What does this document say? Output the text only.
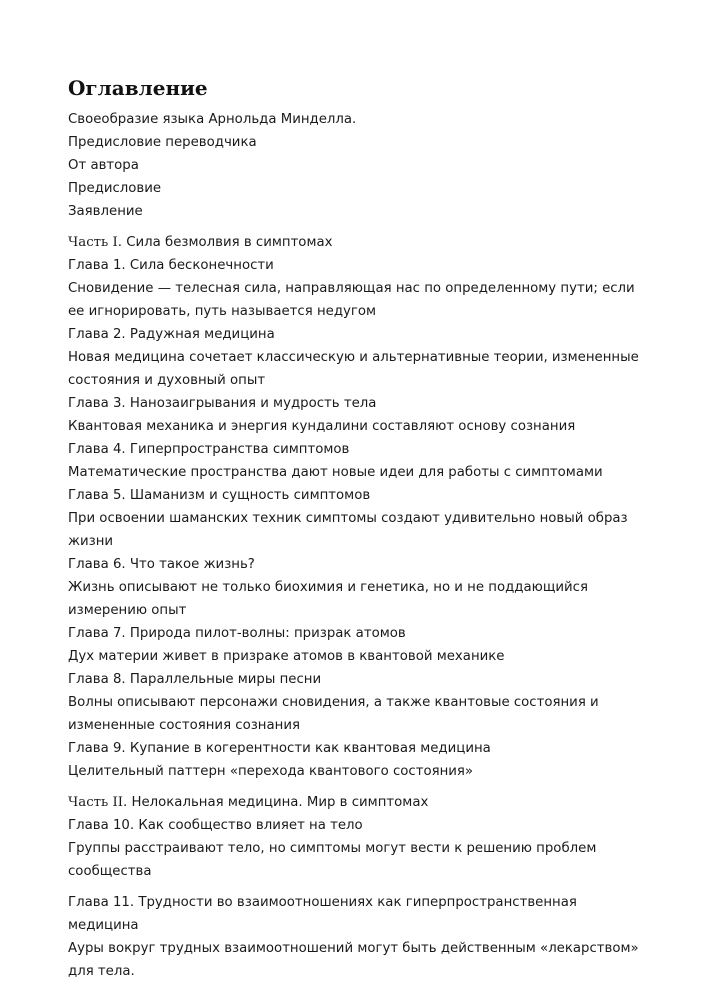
Оглавление

Своеобразие языка Арнольда Минделла.

Предисловие переводчика

От автора

Предисловие

Заявление

Часть I. Сила безмолвия в симптомах

Глава 1. Сила бесконечности

Сновидение — телесная сила, направляющая нас по определенному пути; если ее игнорировать, путь называется недугом

Глава 2. Радужная медицина

Новая медицина сочетает классическую и альтернативные теории, измененные состояния и духовный опыт

Глава 3. Нанозаигрывания и мудрость тела

Квантовая механика и энергия кундалини составляют основу сознания

Глава 4. Гиперпространства симптомов

Математические пространства дают новые идеи для работы с симптомами

Глава 5. Шаманизм и сущность симптомов

При освоении шаманских техник симптомы создают удивительно новый образ жизни

Глава 6. Что такое жизнь?

Жизнь описывают не только биохимия и генетика, но и не поддающийся измерению опыт

Глава 7. Природа пилот-волны: призрак атомов

Дух материи живет в призраке атомов в квантовой механике

Глава 8. Параллельные миры песни

Волны описывают персонажи сновидения, а также квантовые состояния и измененные состояния сознания

Глава 9. Купание в когерентности как квантовая медицина

Целительный паттерн «перехода квантового состояния»

Часть II. Нелокальная медицина. Мир в симптомах

Глава 10. Как сообщество влияет на тело

Группы расстраивают тело, но симптомы могут вести к решению проблем сообщества

Глава 11. Трудности во взаимоотношениях как гиперпространственная медицина

Ауры вокруг трудных взаимоотношений могут быть действенным «лекарством» для тела.
